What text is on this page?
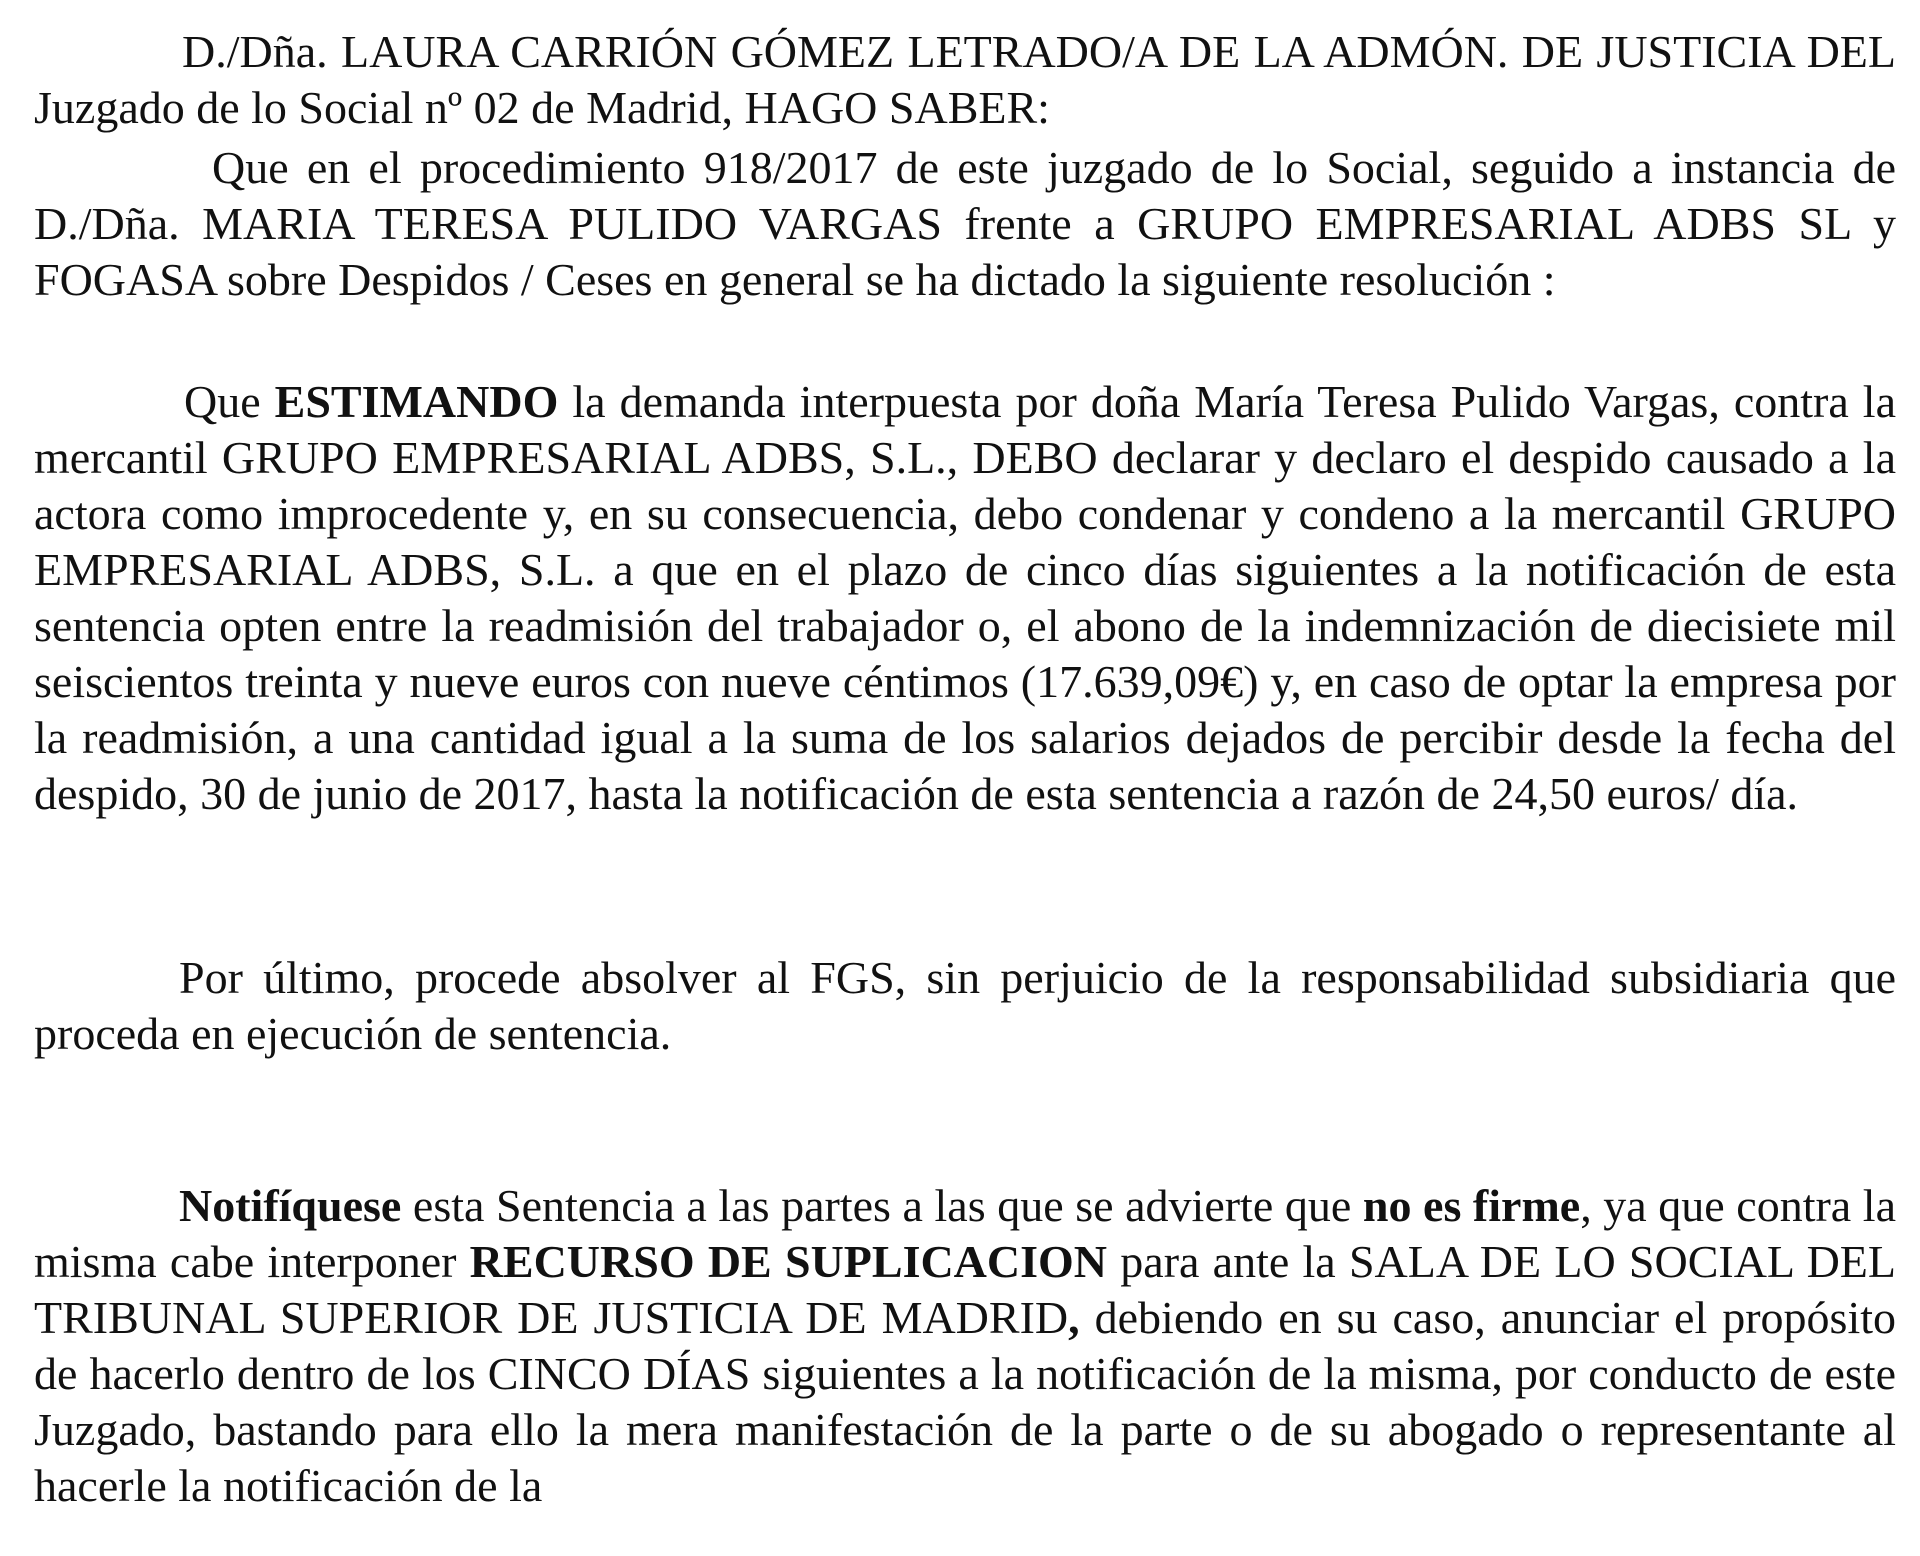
D./Dña. LAURA CARRIÓN GÓMEZ LETRADO/A DE LA ADMÓN. DE JUSTICIA DEL Juzgado de lo Social nº 02 de Madrid, HAGO SABER:

Que en el procedimiento 918/2017 de este juzgado de lo Social, seguido a instancia de D./Dña. MARIA TERESA PULIDO VARGAS frente a GRUPO EMPRESARIAL ADBS SL y FOGASA sobre Despidos / Ceses en general se ha dictado la siguiente resolución :

Que ESTIMANDO la demanda interpuesta por doña María Teresa Pulido Vargas, contra la mercantil GRUPO EMPRESARIAL ADBS, S.L., DEBO declarar y declaro el despido causado a la actora como improcedente y, en su consecuencia, debo condenar y condeno a la mercantil GRUPO EMPRESARIAL ADBS, S.L. a que en el plazo de cinco días siguientes a la notificación de esta sentencia opten entre la readmisión del trabajador o, el abono de la indemnización de diecisiete mil seiscientos treinta y nueve euros con nueve céntimos (17.639,09€) y, en caso de optar la empresa por la readmisión, a una cantidad igual a la suma de los salarios dejados de percibir desde la fecha del despido, 30 de junio de 2017, hasta la notificación de esta sentencia a razón de 24,50 euros/ día.

Por último, procede absolver al FGS, sin perjuicio de la responsabilidad subsidiaria que proceda en ejecución de sentencia.

Notifíquese esta Sentencia a las partes a las que se advierte que no es firme, ya que contra la misma cabe interponer RECURSO DE SUPLICACION para ante la SALA DE LO SOCIAL DEL TRIBUNAL SUPERIOR DE JUSTICIA DE MADRID, debiendo en su caso, anunciar el propósito de hacerlo dentro de los CINCO DÍAS siguientes a la notificación de la misma, por conducto de este Juzgado, bastando para ello la mera manifestación de la parte o de su abogado o representante al hacerle la notificación de la
